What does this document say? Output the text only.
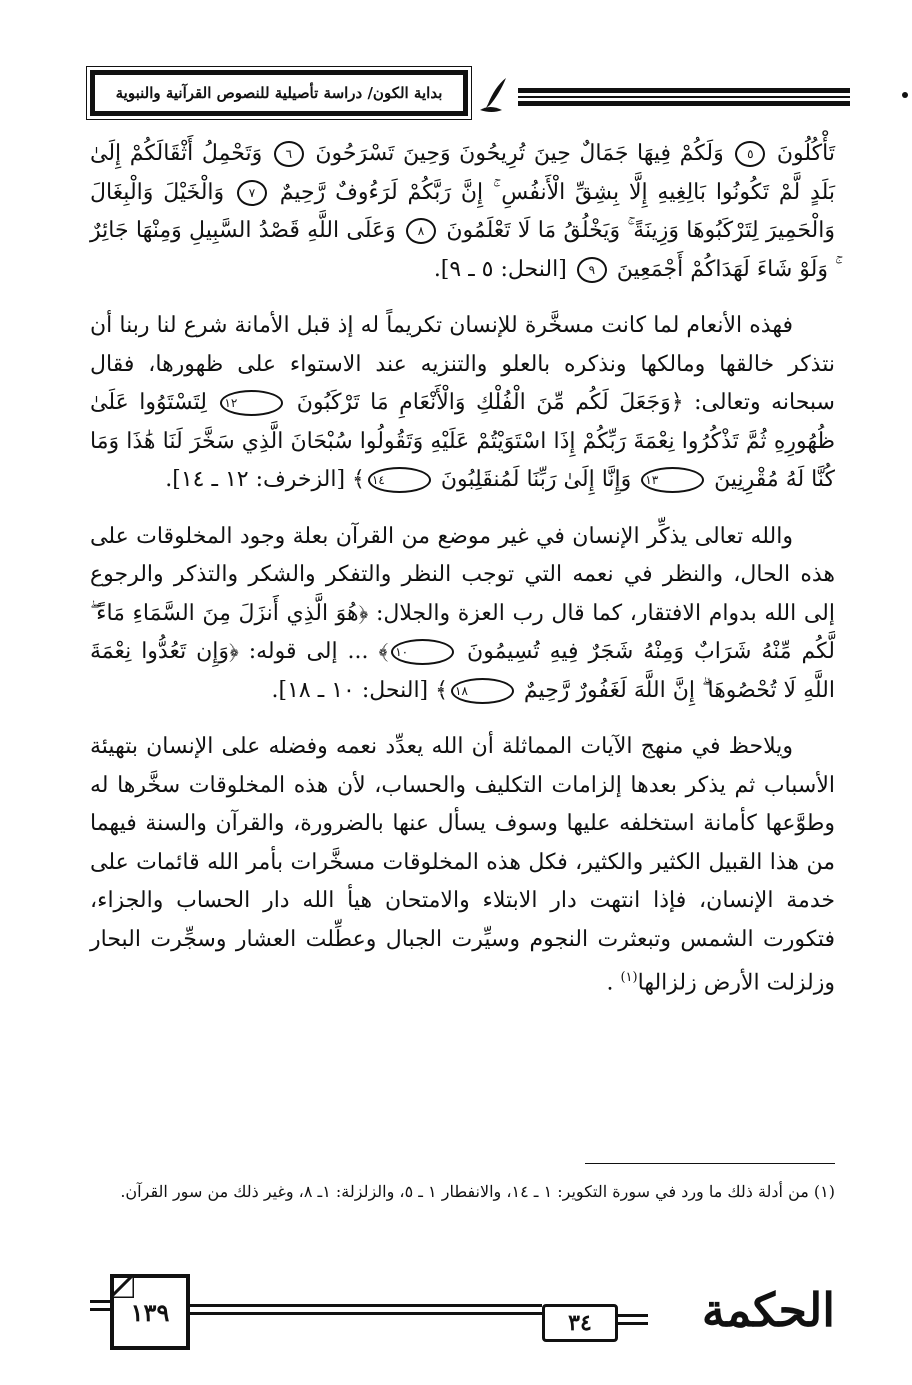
بداية الكون/ دراسة تأصيلية للنصوص القرآنية والنبوية

تَأْكُلُونَ ٥ وَلَكُمْ فِيهَا جَمَالٌ حِينَ تُرِيحُونَ وَحِينَ تَسْرَحُونَ ٦ وَتَحْمِلُ أَثْقَالَكُمْ إِلَىٰ بَلَدٍ لَّمْ تَكُونُوا بَالِغِيهِ إِلَّا بِشِقِّ الْأَنفُسِ ۚ إِنَّ رَبَّكُمْ لَرَءُوفٌ رَّحِيمٌ ٧ وَالْخَيْلَ وَالْبِغَالَ وَالْحَمِيرَ لِتَرْكَبُوهَا وَزِينَةً ۚ وَيَخْلُقُ مَا لَا تَعْلَمُونَ ٨ وَعَلَى اللَّهِ قَصْدُ السَّبِيلِ وَمِنْهَا جَائِرٌ ۚ وَلَوْ شَاءَ لَهَدَاكُمْ أَجْمَعِينَ ٩ [النحل: ٥ ـ ٩].

فهذه الأنعام لما كانت مسخَّرة للإنسان تكريماً له إذ قبل الأمانة شرع لنا ربنا أن نتذكر خالقها ومالكها ونذكره بالعلو والتنزيه عند الاستواء على ظهورها، فقال سبحانه وتعالى: ﴿وَجَعَلَ لَكُم مِّنَ الْفُلْكِ وَالْأَنْعَامِ مَا تَرْكَبُونَ ١٢ لِتَسْتَوُوا عَلَىٰ ظُهُورِهِ ثُمَّ تَذْكُرُوا نِعْمَةَ رَبِّكُمْ إِذَا اسْتَوَيْتُمْ عَلَيْهِ وَتَقُولُوا سُبْحَانَ الَّذِي سَخَّرَ لَنَا هَٰذَا وَمَا كُنَّا لَهُ مُقْرِنِينَ ١٣ وَإِنَّا إِلَىٰ رَبِّنَا لَمُنقَلِبُونَ ١٤﴾ [الزخرف: ١٢ ـ ١٤].

والله تعالى يذكِّر الإنسان في غير موضع من القرآن بعلة وجود المخلوقات على هذه الحال، والنظر في نعمه التي توجب النظر والتفكر والشكر والتذكر والرجوع إلى الله بدوام الافتقار، كما قال رب العزة والجلال: ﴿هُوَ الَّذِي أَنزَلَ مِنَ السَّمَاءِ مَاءً ۖ لَّكُم مِّنْهُ شَرَابٌ وَمِنْهُ شَجَرٌ فِيهِ تُسِيمُونَ ١٠﴾ ... إلى قوله: ﴿وَإِن تَعُدُّوا نِعْمَةَ اللَّهِ لَا تُحْصُوهَا ۗ إِنَّ اللَّهَ لَغَفُورٌ رَّحِيمٌ ١٨﴾ [النحل: ١٠ ـ ١٨].

ويلاحظ في منهج الآيات المماثلة أن الله يعدِّد نعمه وفضله على الإنسان بتهيئة الأسباب ثم يذكر بعدها إلزامات التكليف والحساب، لأن هذه المخلوقات سخَّرها له وطوَّعها كأمانة استخلفه عليها وسوف يسأل عنها بالضرورة، والقرآن والسنة فيهما من هذا القبيل الكثير والكثير، فكل هذه المخلوقات مسخَّرات بأمر الله قائمات على خدمة الإنسان، فإذا انتهت دار الابتلاء والامتحان هيأ الله دار الحساب والجزاء، فتكورت الشمس وتبعثرت النجوم وسيِّرت الجبال وعطِّلت العشار وسجِّرت البحار وزلزلت الأرض زلزالها$^{(١)}$ .

(١) من أدلة ذلك ما ورد في سورة التكوير: ١ ـ ١٤، والانفطار ١ ـ ٥، والزلزلة: ١ـ ٨، وغير ذلك من سور القرآن.
١٣٩	٣٤ الحكمة
